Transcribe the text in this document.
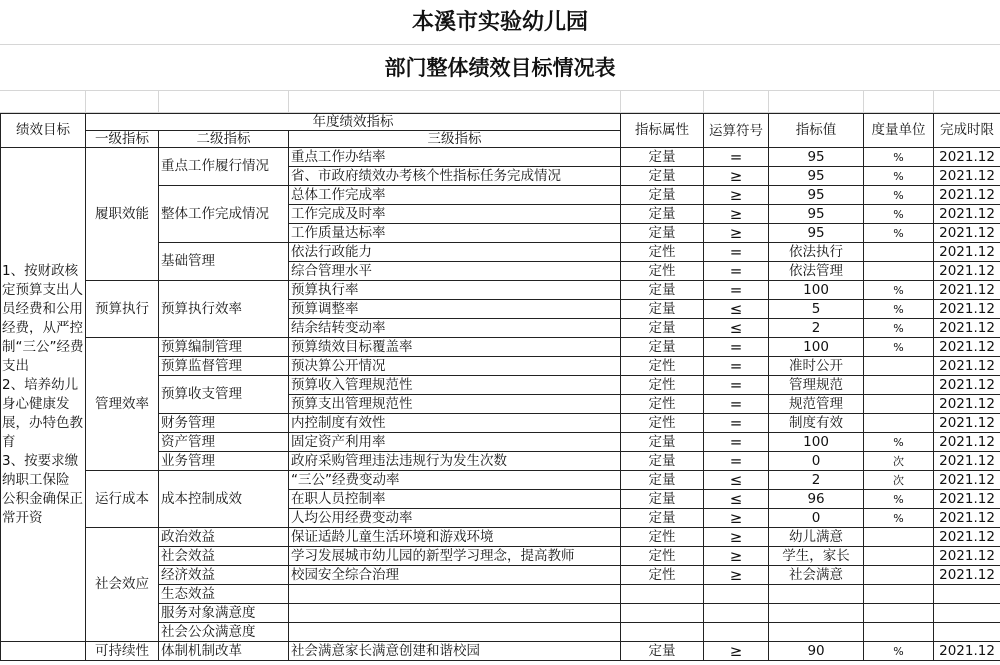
本溪市实验幼儿园
部门整体绩效目标情况表
绩效目标	年度绩效指标			指标属性	运算符号	指标值	度量单位	完成时限
	一级指标	二级指标	三级指标					
1、按财政核定预算支出人员经费和公用经费，从严控制“三公”经费支出
2、培养幼儿身心健康发展，办特色教育
3、按要求缴纳职工保险 公积金确保正常开资	履职效能	重点工作履行情况	重点工作办结率	定量	=	95	%	2021.12
			省、市政府绩效办考核个性指标任务完成情况	定量	≥	95	%	2021.12
		整体工作完成情况	总体工作完成率	定量	≥	95	%	2021.12
			工作完成及时率	定量	≥	95	%	2021.12
			工作质量达标率	定量	≥	95	%	2021.12
		基础管理	依法行政能力	定性	=	依法执行		2021.12
			综合管理水平	定性	=	依法管理		2021.12
	预算执行	预算执行效率	预算执行率	定量	=	100	%	2021.12
			预算调整率	定量	≤	5	%	2021.12
			结余结转变动率	定量	≤	2	%	2021.12
	管理效率	预算编制管理	预算绩效目标覆盖率	定量	=	100	%	2021.12
		预算监督管理	预决算公开情况	定性	=	准时公开		2021.12
		预算收支管理	预算收入管理规范性	定性	=	管理规范		2021.12
			预算支出管理规范性	定性	=	规范管理		2021.12
		财务管理	内控制度有效性	定性	=	制度有效		2021.12
		资产管理	固定资产利用率	定量	=	100	%	2021.12
		业务管理	政府采购管理违法违规行为发生次数	定量	=	0	次	2021.12
	运行成本	成本控制成效	“三公”经费变动率	定量	≤	2	次	2021.12
			在职人员控制率	定量	≤	96	%	2021.12
			人均公用经费变动率	定量	≥	0	%	2021.12
	社会效应	政治效益	保证适龄儿童生活环境和游戏环境	定性	≥	幼儿满意		2021.12
		社会效益	学习发展城市幼儿园的新型学习理念，提高教师	定性	≥	学生，家长		2021.12
		经济效益	校园安全综合治理	定性	≥	社会满意		2021.12
		生态效益						
		服务对象满意度						
		社会公众满意度						
	可持续性	体制机制改革	社会满意家长满意创建和谐校园	定量	≥	90	%	2021.12
